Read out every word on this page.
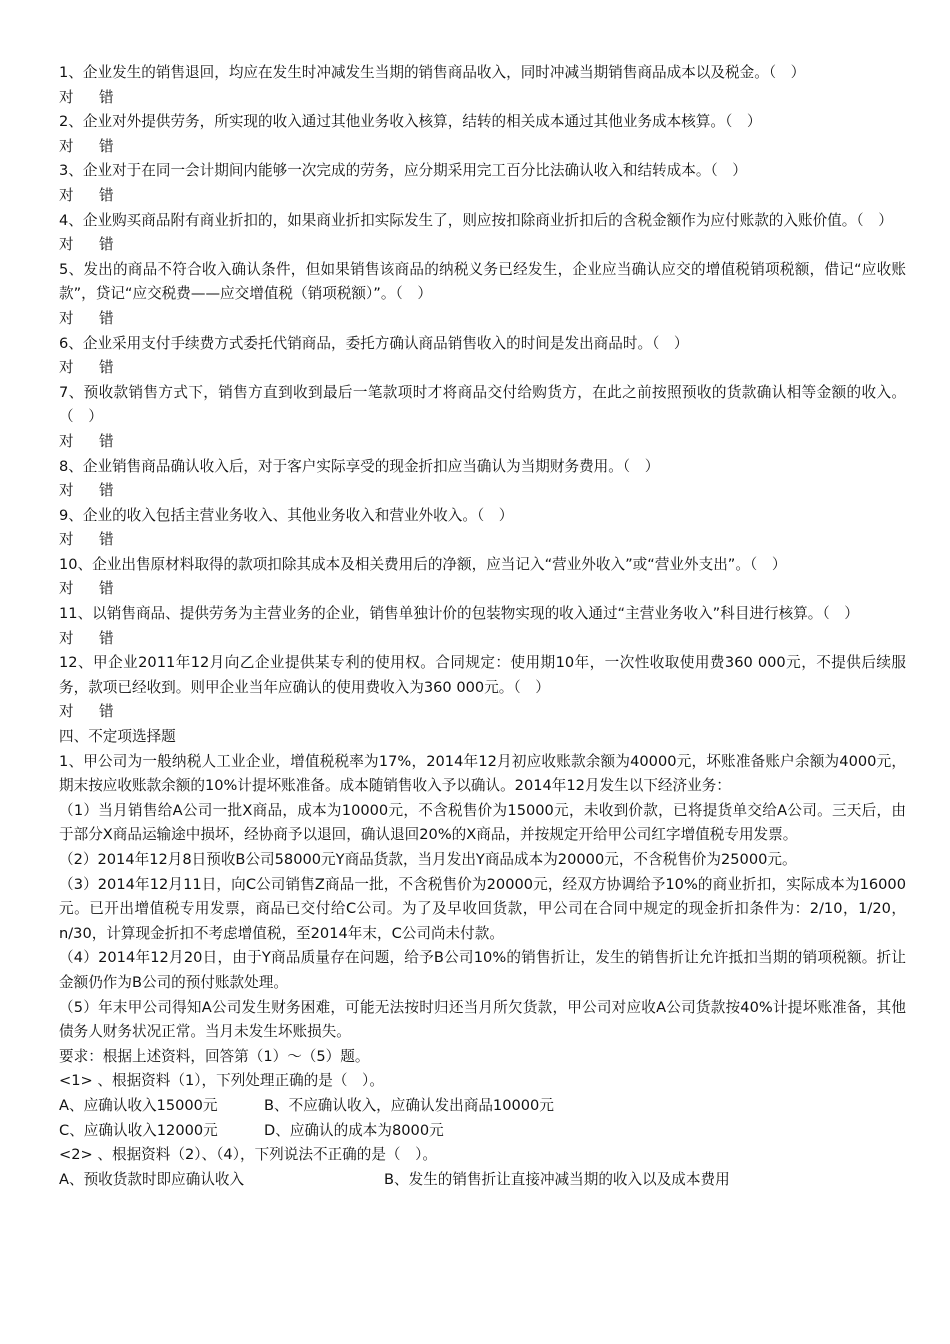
1、企业发生的销售退回，均应在发生时冲减发生当期的销售商品收入，同时冲减当期销售商品成本以及税金。（　）

对 错

2、企业对外提供劳务，所实现的收入通过其他业务收入核算，结转的相关成本通过其他业务成本核算。（　）

对 错

3、企业对于在同一会计期间内能够一次完成的劳务，应分期采用完工百分比法确认收入和结转成本。（　）

对 错

4、企业购买商品附有商业折扣的，如果商业折扣实际发生了，则应按扣除商业折扣后的含税金额作为应付账款的入账价值。（　）

对 错

5、发出的商品不符合收入确认条件，但如果销售该商品的纳税义务已经发生，企业应当确认应交的增值税销项税额，借记“应收账款”，贷记“应交税费——应交增值税（销项税额）”。（　）

对 错

6、企业采用支付手续费方式委托代销商品，委托方确认商品销售收入的时间是发出商品时。（　）

对 错

7、预收款销售方式下，销售方直到收到最后一笔款项时才将商品交付给购货方，在此之前按照预收的货款确认相等金额的收入。（　）

对 错

8、企业销售商品确认收入后，对于客户实际享受的现金折扣应当确认为当期财务费用。（　）

对 错

9、企业的收入包括主营业务收入、其他业务收入和营业外收入。（　）

对 错

10、企业出售原材料取得的款项扣除其成本及相关费用后的净额，应当记入“营业外收入”或“营业外支出”。（　）

对 错

11、以销售商品、提供劳务为主营业务的企业，销售单独计价的包装物实现的收入通过“主营业务收入”科目进行核算。（　）

对 错

12、甲企业2011年12月向乙企业提供某专利的使用权。合同规定：使用期10年，一次性收取使用费360 000元，不提供后续服务，款项已经收到。则甲企业当年应确认的使用费收入为360 000元。（　）

对 错

四、不定项选择题

1、甲公司为一般纳税人工业企业，增值税税率为17%，2014年12月初应收账款余额为40000元，坏账准备账户余额为4000元，期末按应收账款余额的10%计提坏账准备。成本随销售收入予以确认。2014年12月发生以下经济业务：

（1）当月销售给A公司一批X商品，成本为10000元，不含税售价为15000元，未收到价款，已将提货单交给A公司。三天后，由于部分X商品运输途中损坏，经协商予以退回，确认退回20%的X商品，并按规定开给甲公司红字增值税专用发票。

（2）2014年12月8日预收B公司58000元Y商品货款，当月发出Y商品成本为20000元，不含税售价为25000元。

（3）2014年12月11日，向C公司销售Z商品一批，不含税售价为20000元，经双方协调给予10%的商业折扣，实际成本为16000元。已开出增值税专用发票，商品已交付给C公司。为了及早收回货款，甲公司在合同中规定的现金折扣条件为：2/10，1/20，n/30，计算现金折扣不考虑增值税，至2014年末，C公司尚未付款。

（4）2014年12月20日，由于Y商品质量存在问题，给予B公司10%的销售折让，发生的销售折让允许抵扣当期的销项税额。折让金额仍作为B公司的预付账款处理。

（5）年末甲公司得知A公司发生财务困难，可能无法按时归还当月所欠货款，甲公司对应收A公司货款按40%计提坏账准备，其他债务人财务状况正常。当月未发生坏账损失。

要求：根据上述资料，回答第（1）～（5）题。

<1> 、根据资料（1），下列处理正确的是（　）。

A、应确认收入15000元	B、不应确认收入，应确认发出商品10000元
C、应确认收入12000元	D、应确认的成本为8000元

<2> 、根据资料（2）、（4），下列说法不正确的是（　）。

A、预收货款时即应确认收入	B、发生的销售折让直接冲减当期的收入以及成本费用
